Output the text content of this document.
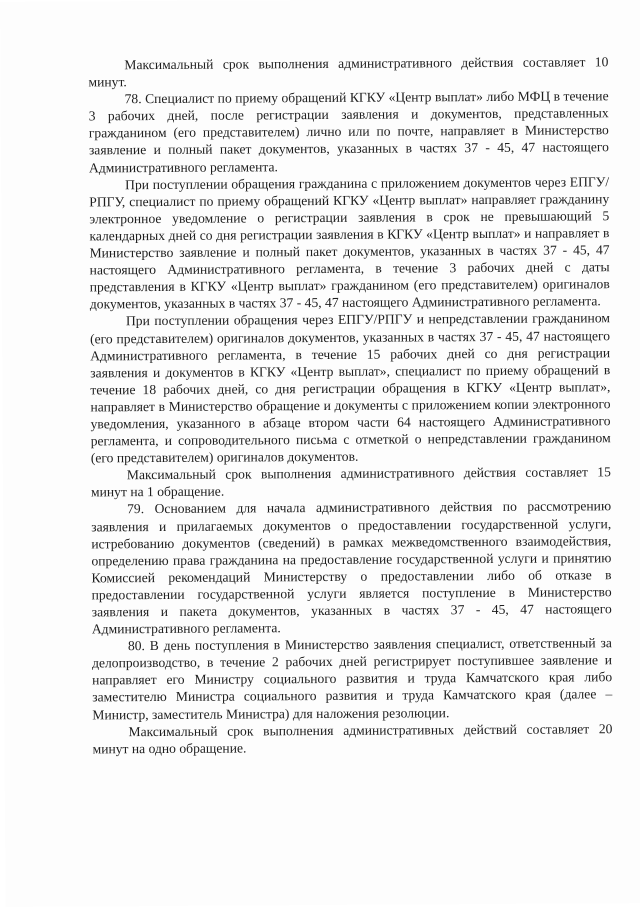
Максимальный срок выполнения административного действия составляет 10 минут.

78. Специалист по приему обращений КГКУ «Центр выплат» либо МФЦ в течение 3 рабочих дней, после регистрации заявления и документов, представленных гражданином (его представителем) лично или по почте, направляет в Министерство заявление и полный пакет документов, указанных в частях 37 - 45, 47 настоящего Административного регламента.

При поступлении обращения гражданина с приложением документов через ЕПГУ/РПГУ, специалист по приему обращений КГКУ «Центр выплат» направляет гражданину электронное уведомление о регистрации заявления в срок не превышающий 5 календарных дней со дня регистрации заявления в КГКУ «Центр выплат» и направляет в Министерство заявление и полный пакет документов, указанных в частях 37 - 45, 47 настоящего Административного регламента, в течение 3 рабочих дней с даты представления в КГКУ «Центр выплат» гражданином (его представителем) оригиналов документов, указанных в частях 37 - 45, 47 настоящего Административного регламента.

При поступлении обращения через ЕПГУ/РПГУ и непредставлении гражданином (его представителем) оригиналов документов, указанных в частях 37 - 45, 47 настоящего Административного регламента, в течение 15 рабочих дней со дня регистрации заявления и документов в КГКУ «Центр выплат», специалист по приему обращений в течение 18 рабочих дней, со дня регистрации обращения в КГКУ «Центр выплат», направляет в Министерство обращение и документы с приложением копии электронного уведомления, указанного в абзаце втором части 64 настоящего Административного регламента, и сопроводительного письма с отметкой о непредставлении гражданином (его представителем) оригиналов документов.

Максимальный срок выполнения административного действия составляет 15 минут на 1 обращение.

79. Основанием для начала административного действия по рассмотрению заявления и прилагаемых документов о предоставлении государственной услуги, истребованию документов (сведений) в рамках межведомственного взаимодействия, определению права гражданина на предоставление государственной услуги и принятию Комиссией рекомендаций Министерству о предоставлении либо об отказе в предоставлении государственной услуги является поступление в Министерство заявления и пакета документов, указанных в частях 37 - 45, 47 настоящего Административного регламента.

80. В день поступления в Министерство заявления специалист, ответственный за делопроизводство, в течение 2 рабочих дней регистрирует поступившее заявление и направляет его Министру социального развития и труда Камчатского края либо заместителю Министра социального развития и труда Камчатского края (далее – Министр, заместитель Министра) для наложения резолюции.

Максимальный срок выполнения административных действий составляет 20 минут на одно обращение.
